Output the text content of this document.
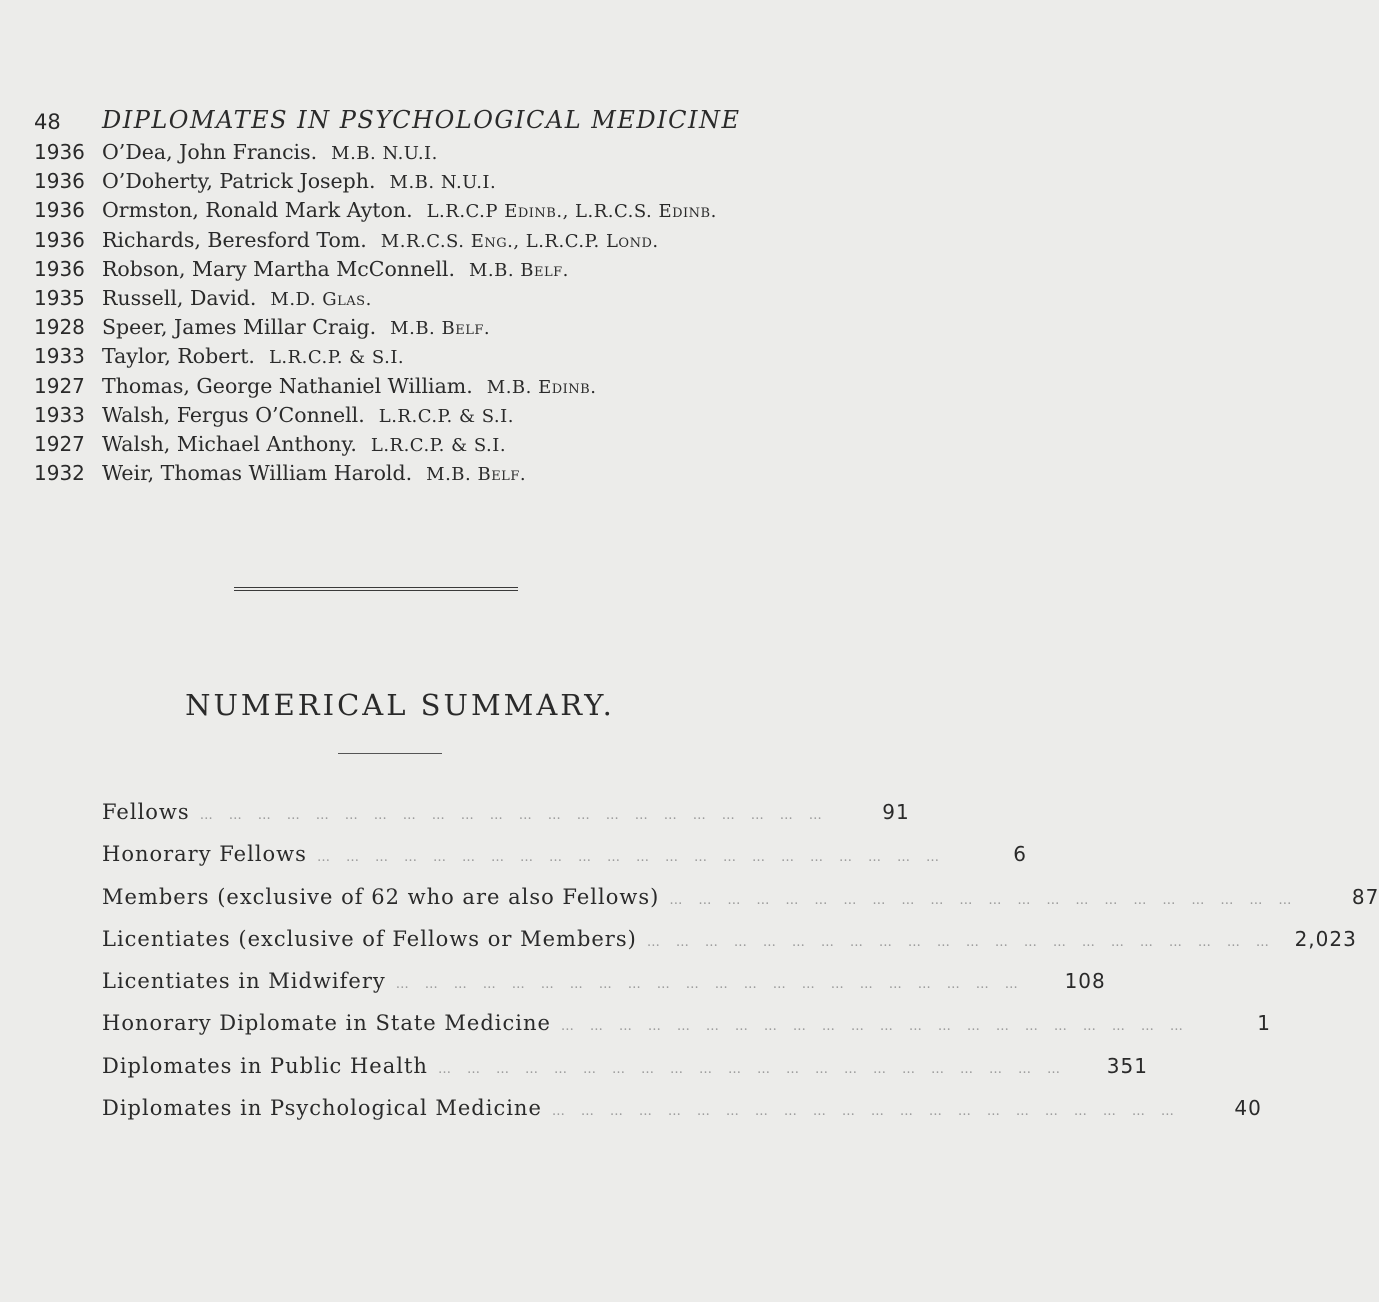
48 DIPLOMATES IN PSYCHOLOGICAL MEDICINE
1936 O’Dea, John Francis. M.B. N.U.I.
1936 O’Doherty, Patrick Joseph. M.B. N.U.I.
1936 Ormston, Ronald Mark Ayton. L.R.C.P Edinb., L.R.C.S. Edinb.
1936 Richards, Beresford Tom. M.R.C.S. Eng., L.R.C.P. Lond.
1936 Robson, Mary Martha McConnell. M.B. Belf.
1935 Russell, David. M.D. Glas.
1928 Speer, James Millar Craig. M.B. Belf.
1933 Taylor, Robert. L.R.C.P. & S.I.
1927 Thomas, George Nathaniel William. M.B. Edinb.
1933 Walsh, Fergus O’Connell. L.R.C.P. & S.I.
1927 Walsh, Michael Anthony. L.R.C.P. & S.I.
1932 Weir, Thomas William Harold. M.B. Belf.
NUMERICAL SUMMARY.
Fellows …………………………………………………………	91
Honorary Fellows …………………………………………………………	6
Members (exclusive of 62 who are also Fellows) …………………………………………………………	87
Licentiates (exclusive of Fellows or Members) ………………………………………………………… 2,023
Licentiates in Midwifery …………………………………………………………	108
Honorary Diplomate in State Medicine …………………………………………………………	1
Diplomates in Public Health …………………………………………………………	351
Diplomates in Psychological Medicine …………………………………………………………	40
